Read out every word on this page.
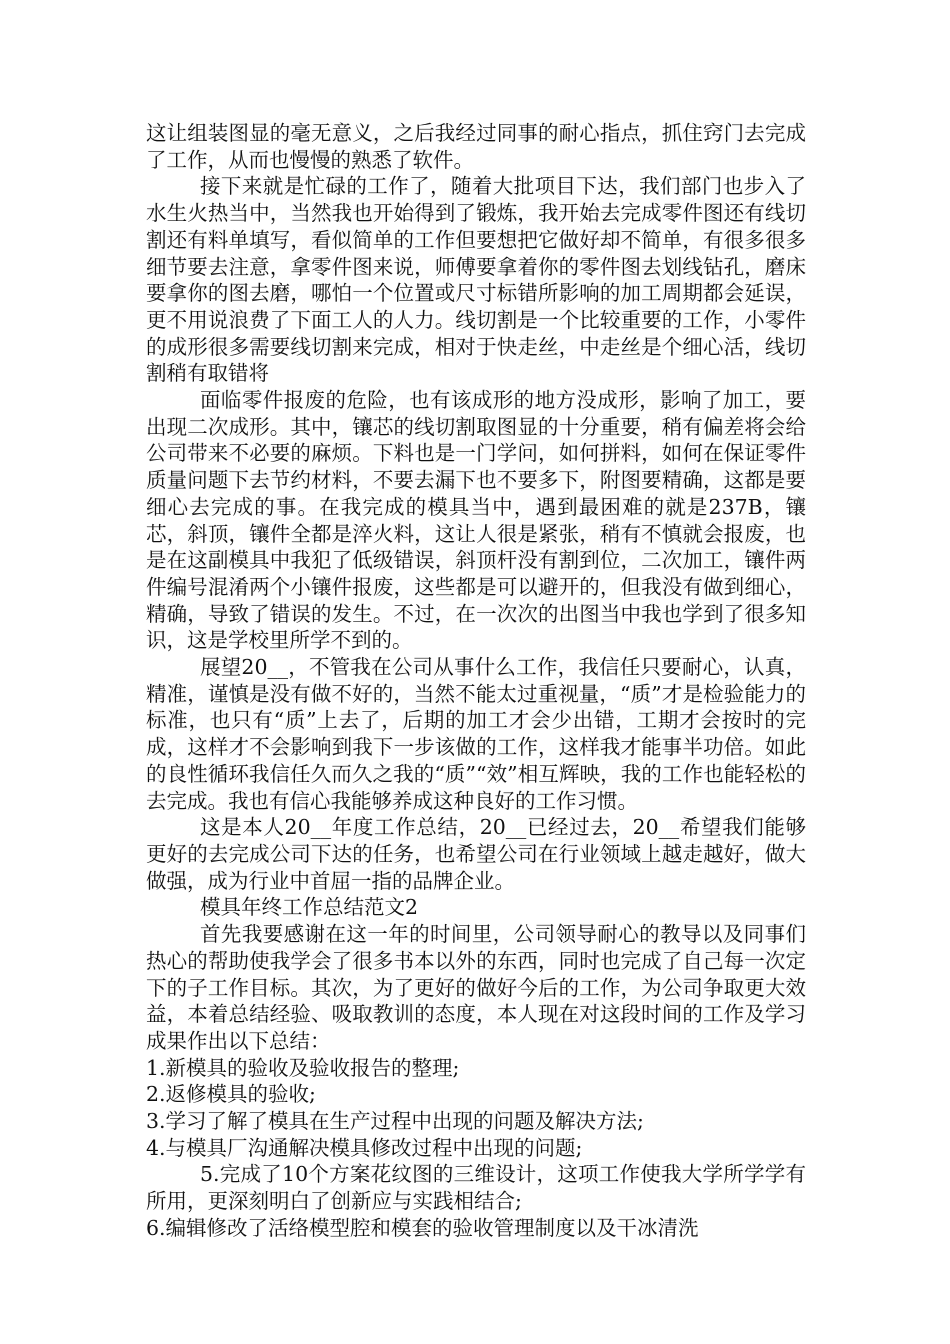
这让组装图显的毫无意义，之后我经过同事的耐心指点，抓住窍门去完成了工作，从而也慢慢的熟悉了软件。

接下来就是忙碌的工作了，随着大批项目下达，我们部门也步入了水生火热当中，当然我也开始得到了锻炼，我开始去完成零件图还有线切割还有料单填写，看似简单的工作但要想把它做好却不简单，有很多很多细节要去注意，拿零件图来说，师傅要拿着你的零件图去划线钻孔，磨床要拿你的图去磨，哪怕一个位置或尺寸标错所影响的加工周期都会延误，更不用说浪费了下面工人的人力。线切割是一个比较重要的工作，小零件的成形很多需要线切割来完成，相对于快走丝，中走丝是个细心活，线切割稍有取错将

面临零件报废的危险，也有该成形的地方没成形，影响了加工，要出现二次成形。其中，镶芯的线切割取图显的十分重要，稍有偏差将会给公司带来不必要的麻烦。下料也是一门学问，如何拼料，如何在保证零件质量问题下去节约材料，不要去漏下也不要多下，附图要精确，这都是要细心去完成的事。在我完成的模具当中，遇到最困难的就是237B，镶芯，斜顶，镶件全都是淬火料，这让人很是紧张，稍有不慎就会报废，也是在这副模具中我犯了低级错误，斜顶杆没有割到位，二次加工，镶件两件编号混淆两个小镶件报废，这些都是可以避开的，但我没有做到细心，精确，导致了错误的发生。不过，在一次次的出图当中我也学到了很多知识，这是学校里所学不到的。

展望20__，不管我在公司从事什么工作，我信任只要耐心，认真，精准，谨慎是没有做不好的，当然不能太过重视量，“质”才是检验能力的标准，也只有“质”上去了，后期的加工才会少出错，工期才会按时的完成，这样才不会影响到我下一步该做的工作，这样我才能事半功倍。如此的良性循环我信任久而久之我的“质”“效”相互辉映，我的工作也能轻松的去完成。我也有信心我能够养成这种良好的工作习惯。

这是本人20__年度工作总结，20__已经过去，20__希望我们能够更好的去完成公司下达的任务，也希望公司在行业领域上越走越好，做大做强，成为行业中首屈一指的品牌企业。

模具年终工作总结范文2

首先我要感谢在这一年的时间里，公司领导耐心的教导以及同事们热心的帮助使我学会了很多书本以外的东西，同时也完成了自己每一次定下的子工作目标。其次，为了更好的做好今后的工作，为公司争取更大效益，本着总结经验、吸取教训的态度，本人现在对这段时间的工作及学习成果作出以下总结：

1.新模具的验收及验收报告的整理;

2.返修模具的验收;

3.学习了解了模具在生产过程中出现的问题及解决方法;

4.与模具厂沟通解决模具修改过程中出现的问题;

5.完成了10个方案花纹图的三维设计，这项工作使我大学所学学有所用，更深刻明白了创新应与实践相结合;

6.编辑修改了活络模型腔和模套的验收管理制度以及干冰清洗
